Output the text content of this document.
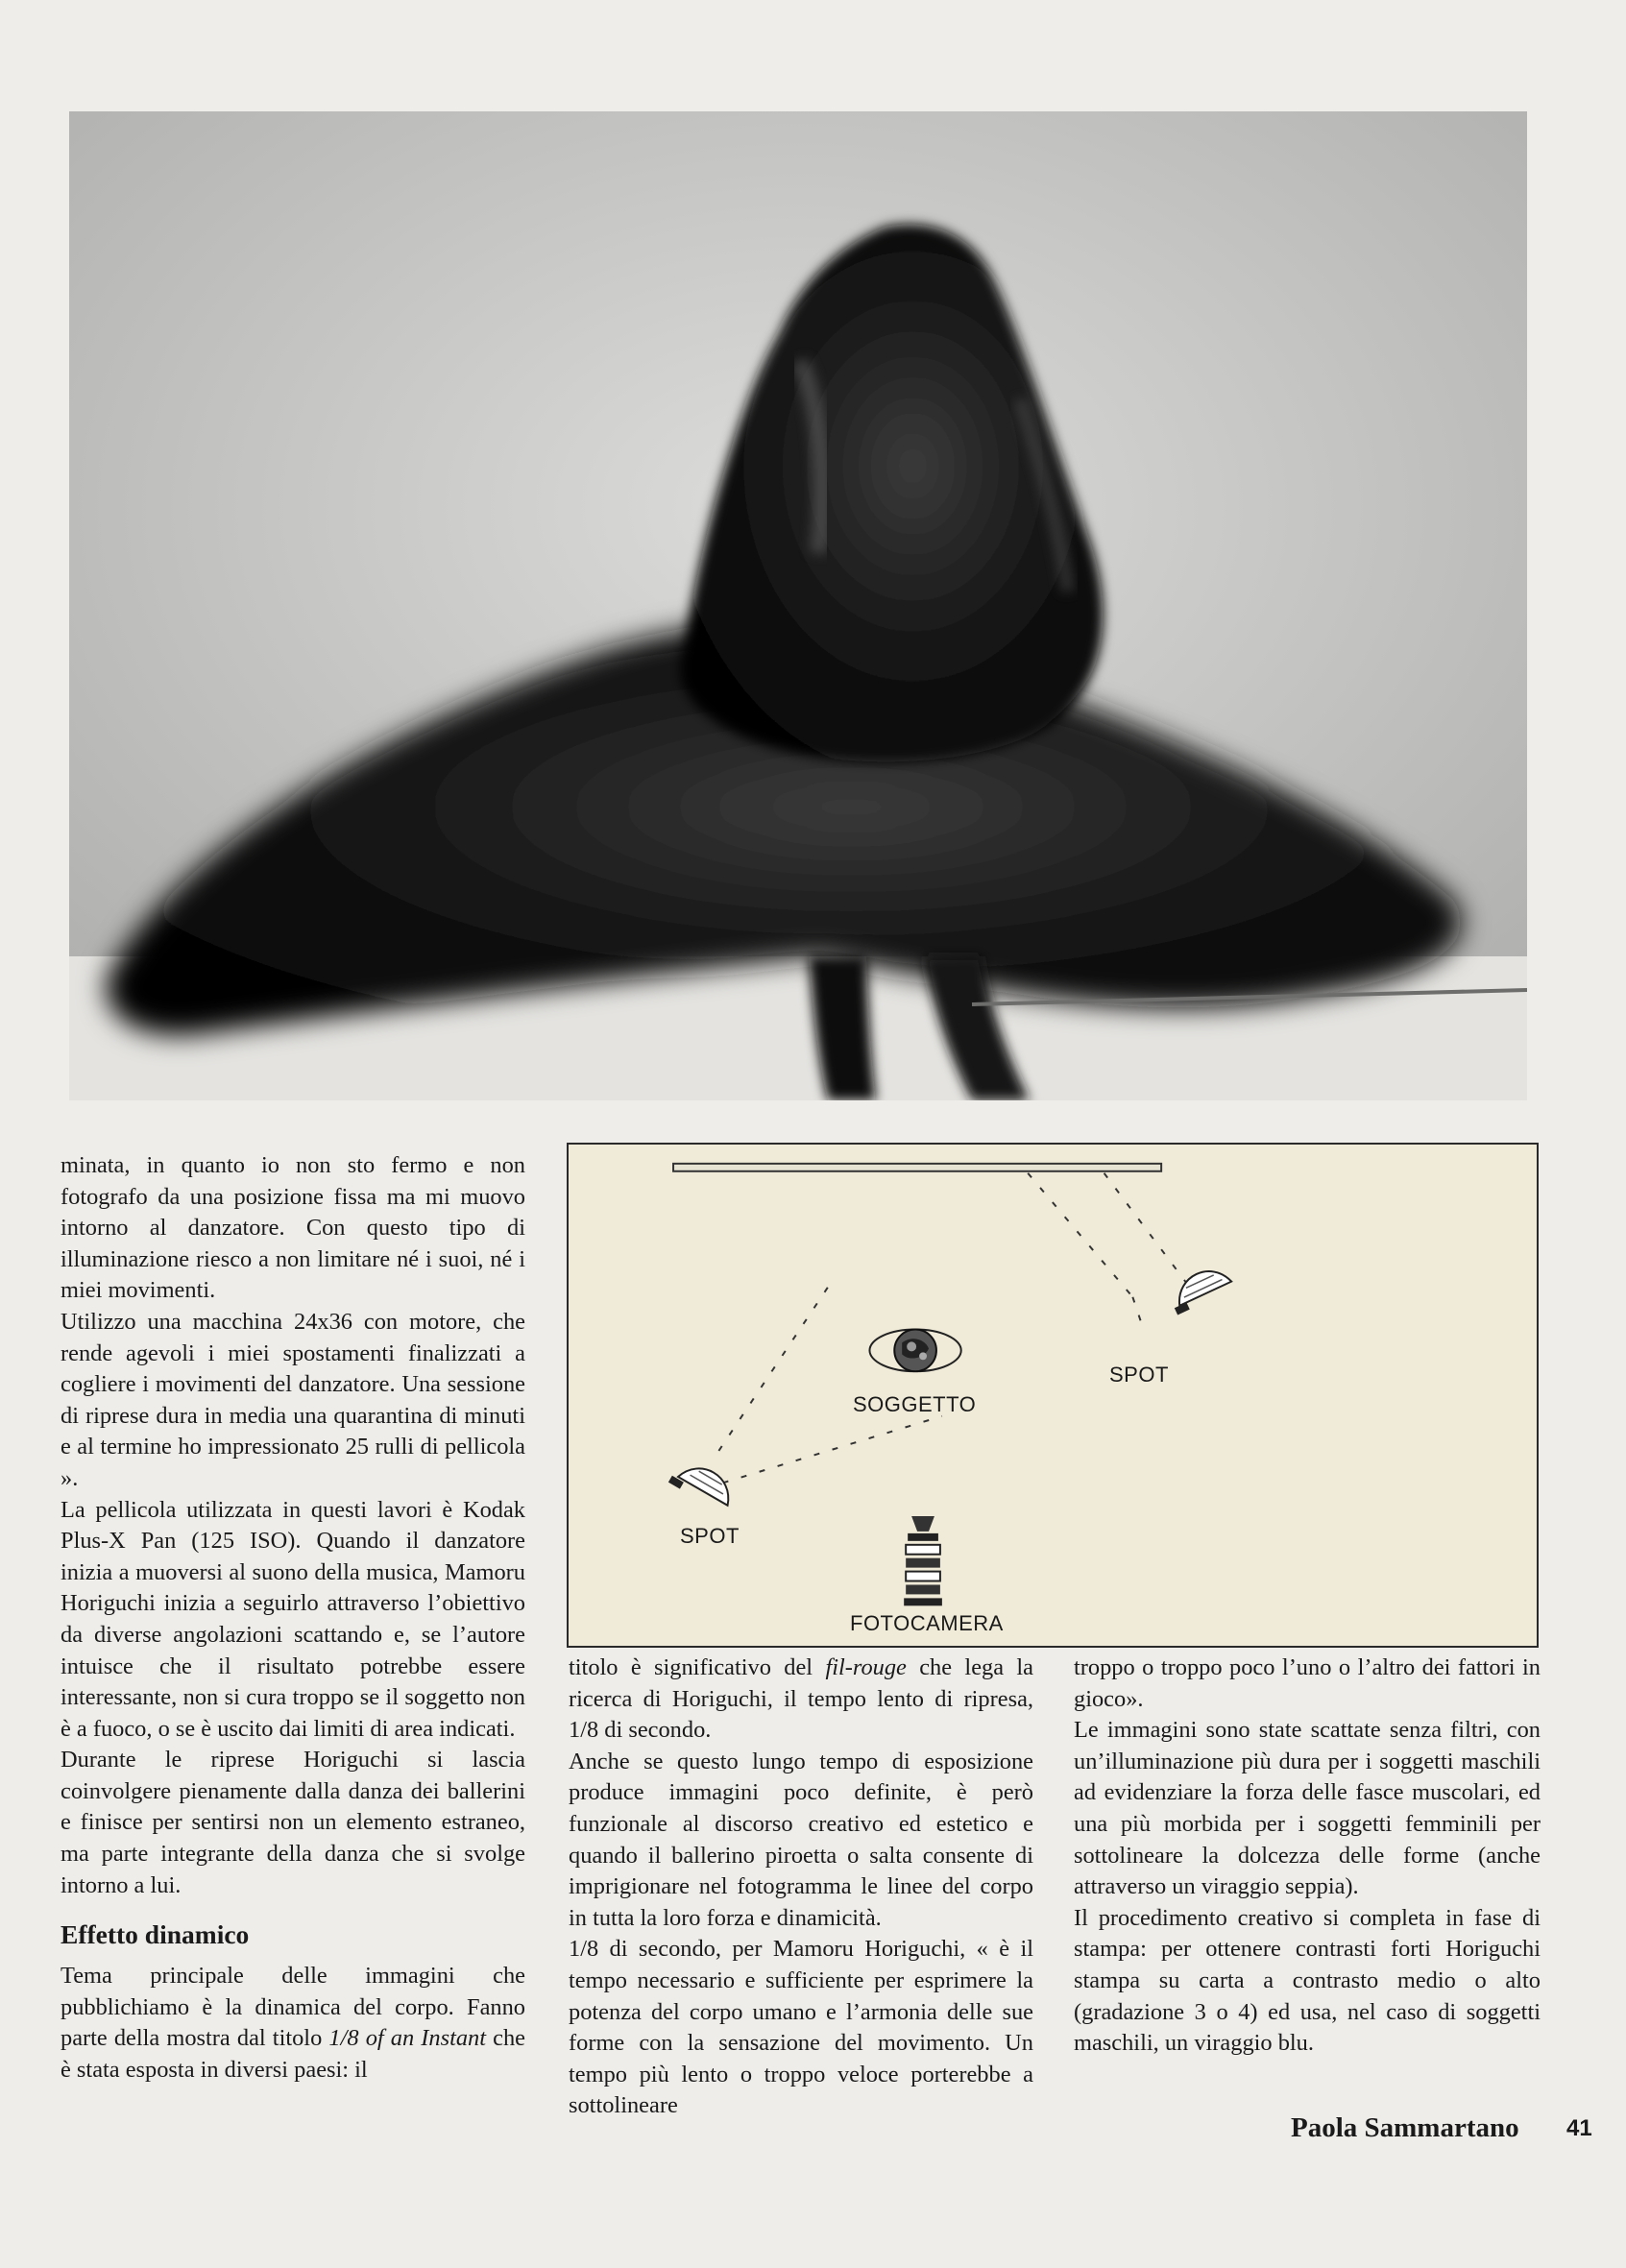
minata, in quanto io non sto fermo e non fotografo da una posizione fissa ma mi muovo intorno al danzatore. Con questo tipo di illuminazione riesco a non limitare né i suoi, né i miei movimenti.

Utilizzo una macchina 24x36 con motore, che rende agevoli i miei spostamenti finalizzati a cogliere i movimenti del danzatore. Una sessione di riprese dura in media una quarantina di minuti e al termine ho impressionato 25 rulli di pellicola ».

La pellicola utilizzata in questi lavori è Kodak Plus-X Pan (125 ISO). Quando il danzatore inizia a muoversi al suono della musica, Mamoru Horiguchi inizia a seguirlo attraverso l’obiettivo da diverse angolazioni scattando e, se l’autore intuisce che il risultato potrebbe essere interessante, non si cura troppo se il soggetto non è a fuoco, o se è uscito dai limiti di area indicati.

Durante le riprese Horiguchi si lascia coinvolgere pienamente dalla danza dei ballerini e finisce per sentirsi non un elemento estraneo, ma parte integrante della danza che si svolge intorno a lui.

Effetto dinamico

Tema principale delle immagini che pubblichiamo è la dinamica del corpo. Fanno parte della mostra dal titolo 1/8 of an Instant che è stata esposta in diversi paesi: il

SOGGETTO
SPOT
SPOT
FOTOCAMERA

titolo è significativo del fil-rouge che lega la ricerca di Horiguchi, il tempo lento di ripresa, 1/8 di secondo.

Anche se questo lungo tempo di esposizione produce immagini poco definite, è però funzionale al discorso creativo ed estetico e quando il ballerino piroetta o salta consente di imprigionare nel fotogramma le linee del corpo in tutta la loro forza e dinamicità.

1/8 di secondo, per Mamoru Horiguchi, « è il tempo necessario e sufficiente per esprimere la potenza del corpo umano e l’armonia delle sue forme con la sensazione del movimento. Un tempo più lento o troppo veloce porterebbe a sottolineare

troppo o troppo poco l’uno o l’altro dei fattori in gioco».

Le immagini sono state scattate senza filtri, con un’illuminazione più dura per i soggetti maschili ad evidenziare la forza delle fasce muscolari, ed una più morbida per i soggetti femminili per sottolineare la dolcezza delle forme (anche attraverso un viraggio seppia).

Il procedimento creativo si completa in fase di stampa: per ottenere contrasti forti Horiguchi stampa su carta a contrasto medio o alto (gradazione 3 o 4) ed usa, nel caso di soggetti maschili, un viraggio blu.

Paola Sammartano 41
